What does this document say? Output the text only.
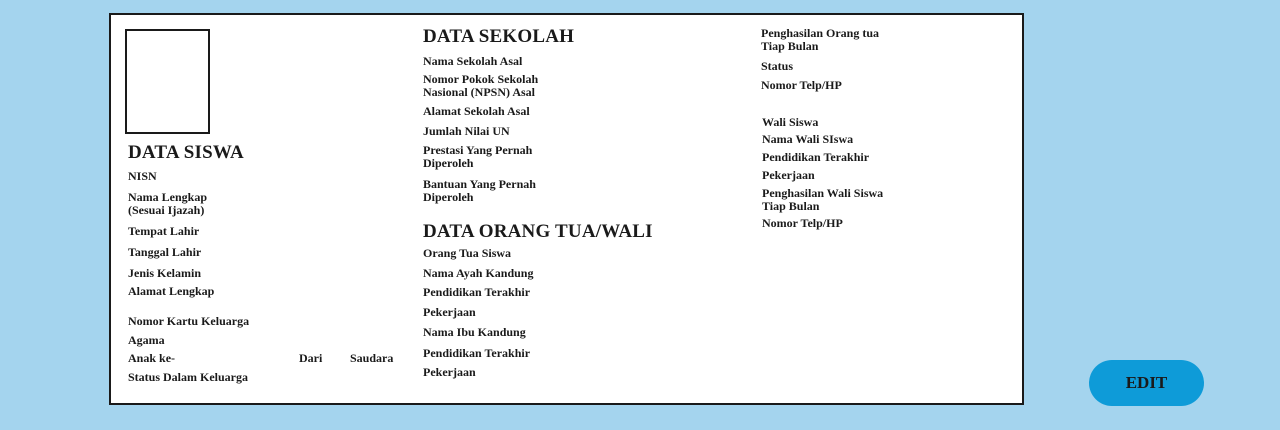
DATA SISWA
NISN
Nama Lengkap
(Sesuai Ijazah)
Tempat Lahir
Tanggal Lahir
Jenis Kelamin
Alamat Lengkap
Nomor Kartu Keluarga
Agama
Anak ke-	Dari Saudara
Status Dalam Keluarga
DATA SEKOLAH
Nama Sekolah Asal
Nomor Pokok Sekolah
Nasional (NPSN) Asal
Alamat Sekolah Asal
Jumlah Nilai UN
Prestasi Yang Pernah
Diperoleh
Bantuan Yang Pernah
Diperoleh
DATA ORANG TUA/WALI
Orang Tua Siswa
Nama Ayah Kandung
Pendidikan Terakhir
Pekerjaan
Nama Ibu Kandung
Pendidikan Terakhir
Pekerjaan
Penghasilan Orang tua
Tiap Bulan
Status
Nomor Telp/HP
Wali Siswa
Nama Wali SIswa
Pendidikan Terakhir
Pekerjaan
Penghasilan Wali Siswa
Tiap Bulan
Nomor Telp/HP
EDIT
